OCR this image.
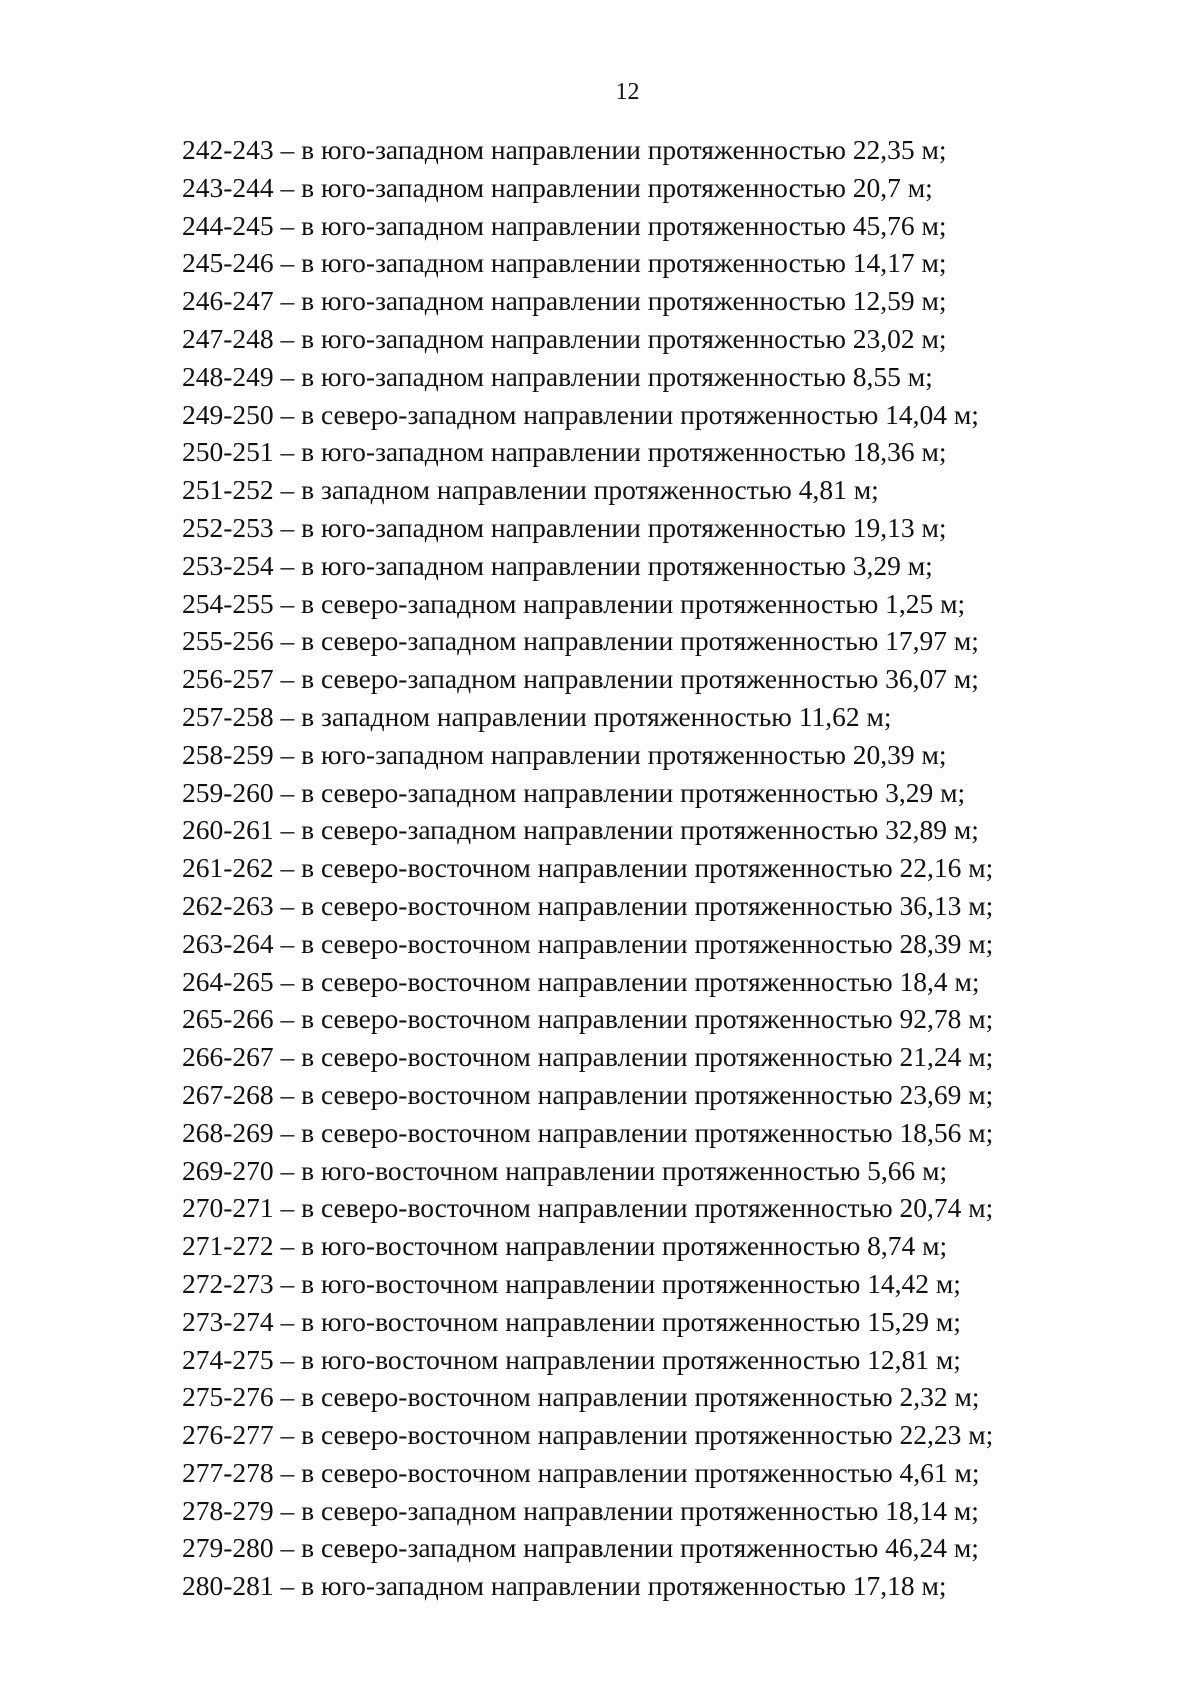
12
242-243 – в юго-западном направлении протяженностью 22,35 м;
243-244 – в юго-западном направлении протяженностью 20,7 м;
244-245 – в юго-западном направлении протяженностью 45,76 м;
245-246 – в юго-западном направлении протяженностью 14,17 м;
246-247 – в юго-западном направлении протяженностью 12,59 м;
247-248 – в юго-западном направлении протяженностью 23,02 м;
248-249 – в юго-западном направлении протяженностью 8,55 м;
249-250 – в северо-западном направлении протяженностью 14,04 м;
250-251 – в юго-западном направлении протяженностью 18,36 м;
251-252 – в западном направлении протяженностью 4,81 м;
252-253 – в юго-западном направлении протяженностью 19,13 м;
253-254 – в юго-западном направлении протяженностью 3,29 м;
254-255 – в северо-западном направлении протяженностью 1,25 м;
255-256 – в северо-западном направлении протяженностью 17,97 м;
256-257 – в северо-западном направлении протяженностью 36,07 м;
257-258 – в западном направлении протяженностью 11,62 м;
258-259 – в юго-западном направлении протяженностью 20,39 м;
259-260 – в северо-западном направлении протяженностью 3,29 м;
260-261 – в северо-западном направлении протяженностью 32,89 м;
261-262 – в северо-восточном направлении протяженностью 22,16 м;
262-263 – в северо-восточном направлении протяженностью 36,13 м;
263-264 – в северо-восточном направлении протяженностью 28,39 м;
264-265 – в северо-восточном направлении протяженностью 18,4 м;
265-266 – в северо-восточном направлении протяженностью 92,78 м;
266-267 – в северо-восточном направлении протяженностью 21,24 м;
267-268 – в северо-восточном направлении протяженностью 23,69 м;
268-269 – в северо-восточном направлении протяженностью 18,56 м;
269-270 – в юго-восточном направлении протяженностью 5,66 м;
270-271 – в северо-восточном направлении протяженностью 20,74 м;
271-272 – в юго-восточном направлении протяженностью 8,74 м;
272-273 – в юго-восточном направлении протяженностью 14,42 м;
273-274 – в юго-восточном направлении протяженностью 15,29 м;
274-275 – в юго-восточном направлении протяженностью 12,81 м;
275-276 – в северо-восточном направлении протяженностью 2,32 м;
276-277 – в северо-восточном направлении протяженностью 22,23 м;
277-278 – в северо-восточном направлении протяженностью 4,61 м;
278-279 – в северо-западном направлении протяженностью 18,14 м;
279-280 – в северо-западном направлении протяженностью 46,24 м;
280-281 – в юго-западном направлении протяженностью 17,18 м;
